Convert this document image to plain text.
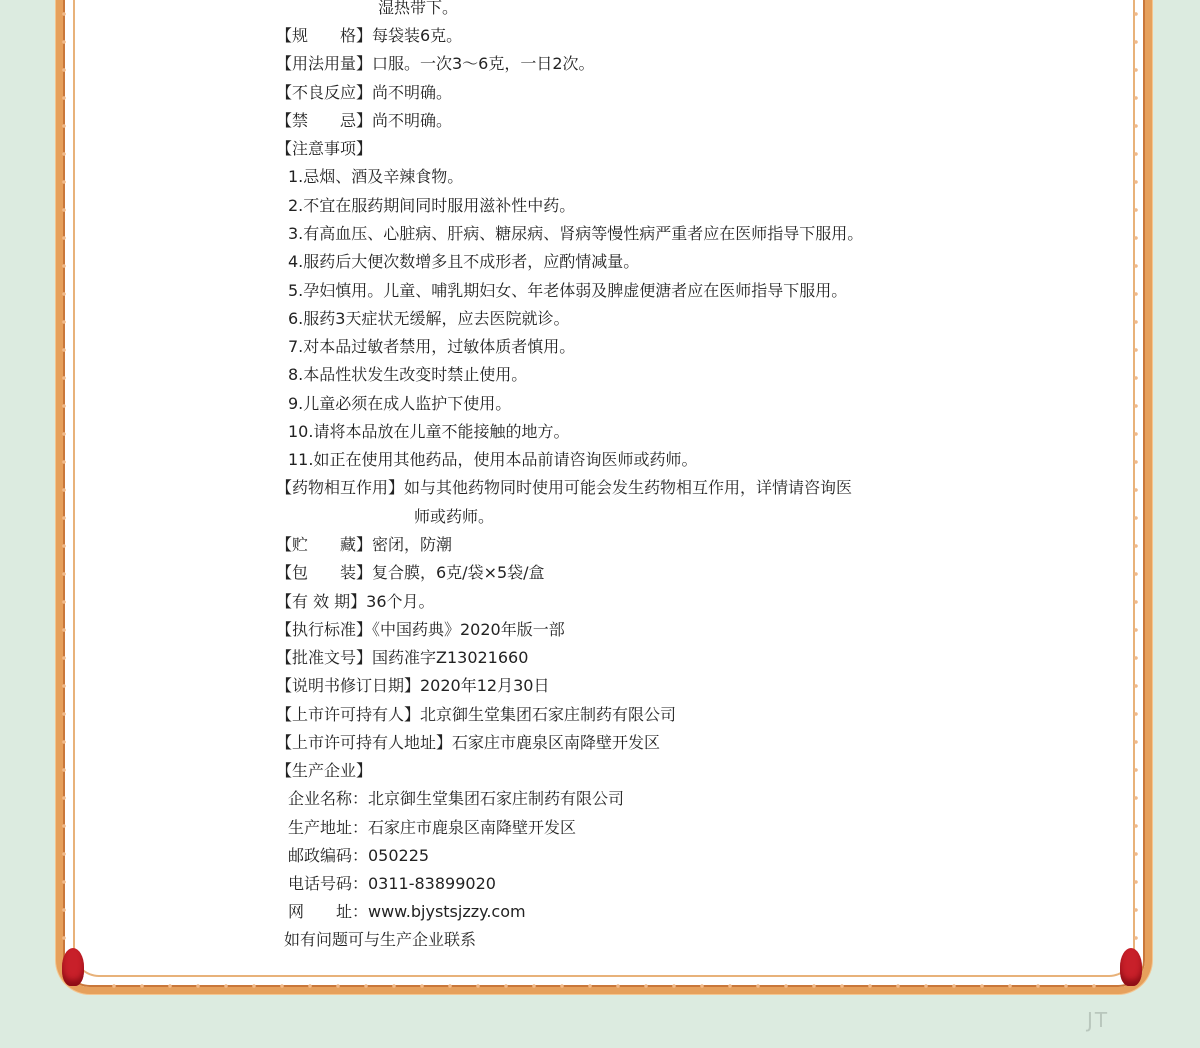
湿热带下。
【规　　格】每袋装6克。
【用法用量】口服。一次3～6克，一日2次。
【不良反应】尚不明确。
【禁　　忌】尚不明确。
【注意事项】
1.忌烟、酒及辛辣食物。
2.不宜在服药期间同时服用滋补性中药。
3.有高血压、心脏病、肝病、糖尿病、肾病等慢性病严重者应在医师指导下服用。
4.服药后大便次数增多且不成形者，应酌情减量。
5.孕妇慎用。儿童、哺乳期妇女、年老体弱及脾虚便溏者应在医师指导下服用。
6.服药3天症状无缓解，应去医院就诊。
7.对本品过敏者禁用，过敏体质者慎用。
8.本品性状发生改变时禁止使用。
9.儿童必须在成人监护下使用。
10.请将本品放在儿童不能接触的地方。
11.如正在使用其他药品，使用本品前请咨询医师或药师。
【药物相互作用】如与其他药物同时使用可能会发生药物相互作用，详情请咨询医
师或药师。
【贮　　藏】密闭，防潮
【包　　装】复合膜，6克/袋×5袋/盒
【有 效 期】36个月。
【执行标准】《中国药典》2020年版一部
【批准文号】国药准字Z13021660
【说明书修订日期】2020年12月30日
【上市许可持有人】北京御生堂集团石家庄制药有限公司
【上市许可持有人地址】石家庄市鹿泉区南降壁开发区
【生产企业】
企业名称：北京御生堂集团石家庄制药有限公司
生产地址：石家庄市鹿泉区南降壁开发区
邮政编码：050225
电话号码：0311-83899020
网　　址：www.bjystsjzzy.com
如有问题可与生产企业联系
JT
